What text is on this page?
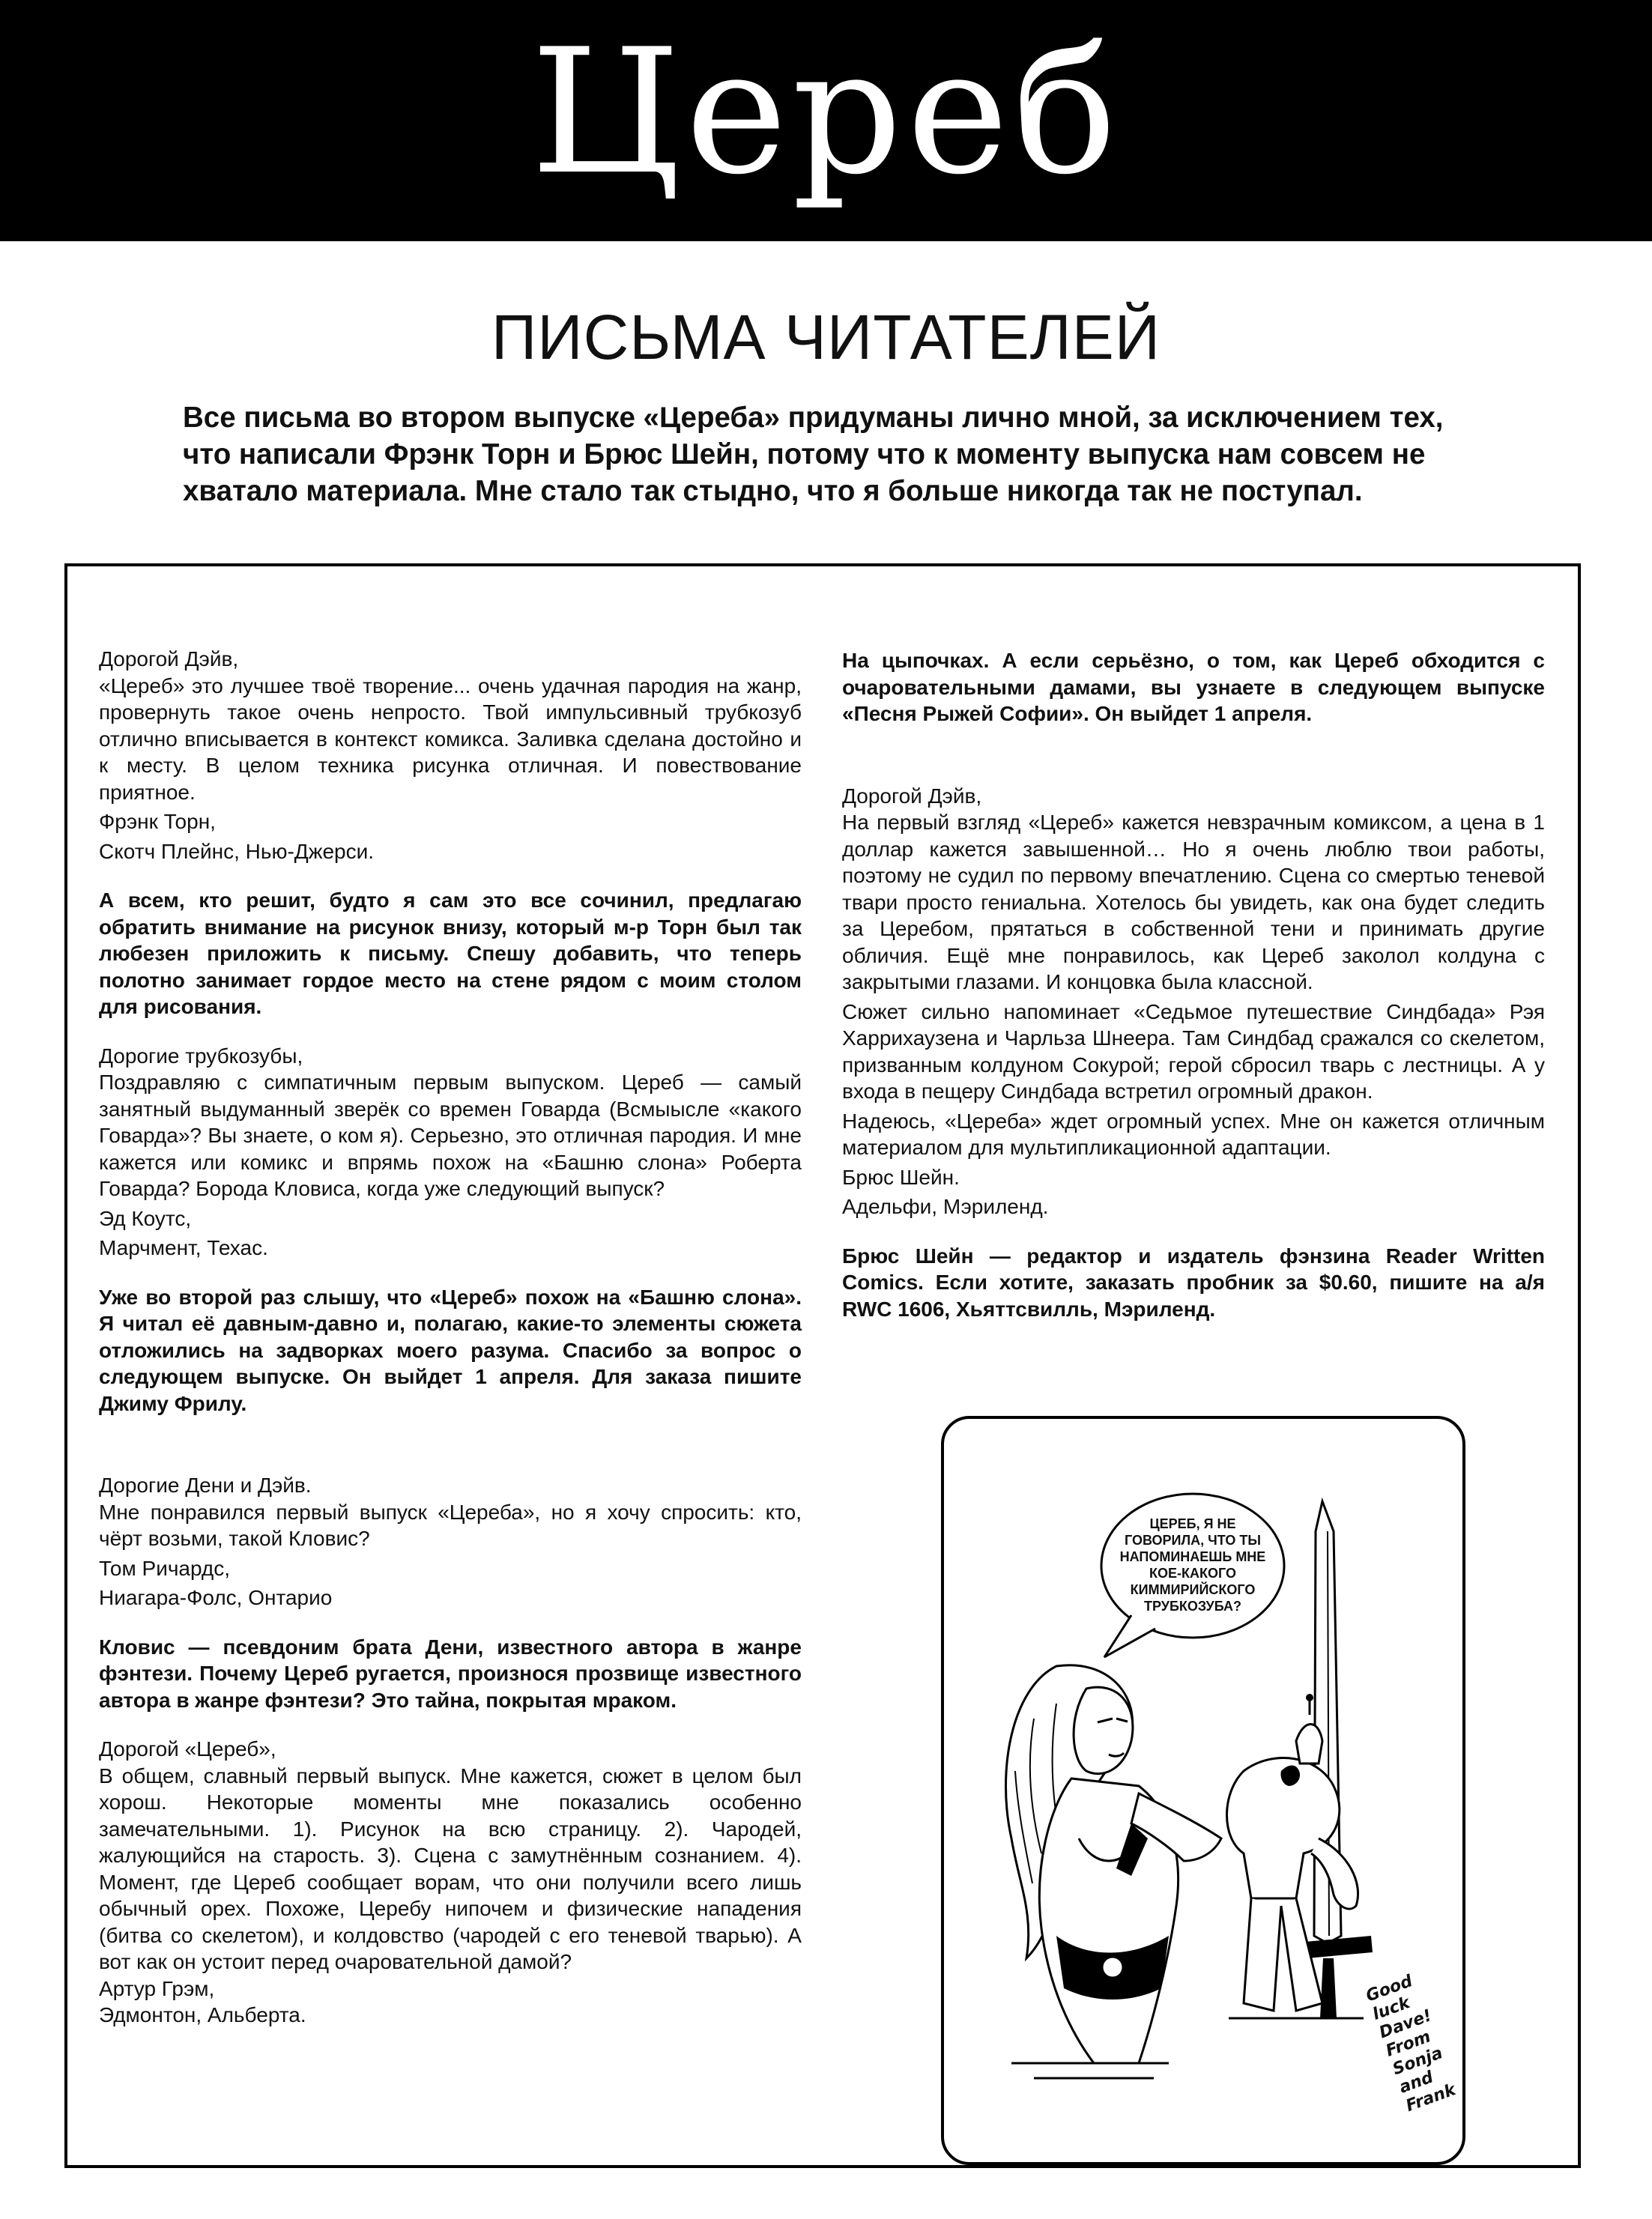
Цереб
ПИСЬМА ЧИТАТЕЛЕЙ
Все письма во втором выпуске «Цереба» придуманы лично мной, за исключением тех, что написали Фрэнк Торн и Брюс Шейн, потому что к моменту выпуска нам совсем не хватало материала. Мне стало так стыдно, что я больше никогда так не поступал.

Дорогой Дэйв,

«Цереб» это лучшее твоё творение... очень удачная пародия на жанр, провернуть такое очень непросто. Твой импульсивный трубкозуб отлично вписывается в контекст комикса. Заливка сделана достойно и к месту. В целом техника рисунка отличная. И повествование приятное.

Фрэнк Торн,

Скотч Плейнс, Нью-Джерси.

А всем, кто решит, будто я сам это все сочинил, предлагаю обратить внимание на рисунок внизу, который м-р Торн был так любезен приложить к письму. Спешу добавить, что теперь полотно занимает гордое место на стене рядом с моим столом для рисования.

Дорогие трубкозубы,

Поздравляю с симпатичным первым выпуском. Цереб — самый занятный выдуманный зверёк со времен Говарда (Всмыысле «какого Говарда»? Вы знаете, о ком я). Серьезно, это отличная пародия. И мне кажется или комикс и впрямь похож на «Башню слона» Роберта Говарда? Борода Кловиса, когда уже следующий выпуск?

Эд Коутс,

Марчмент, Техас.

Уже во второй раз слышу, что «Цереб» похож на «Башню слона». Я читал её давным-давно и, полагаю, какие-то элементы сюжета отложились на задворках моего разума. Спасибо за вопрос о следующем выпуске. Он выйдет 1 апреля. Для заказа пишите Джиму Фрилу.

Дорогие Дени и Дэйв.

Мне понравился первый выпуск «Цереба», но я хочу спросить: кто, чёрт возьми, такой Кловис?

Том Ричардс,

Ниагара-Фолс, Онтарио

Кловис — псевдоним брата Дени, известного автора в жанре фэнтези. Почему Цереб ругается, произнося прозвище известного автора в жанре фэнтези? Это тайна, покрытая мраком.

Дорогой «Цереб»,

В общем, славный первый выпуск. Мне кажется, сюжет в целом был хорош. Некоторые моменты мне показались особенно замечательными. 1). Рисунок на всю страницу. 2). Чародей, жалующийся на старость. 3). Сцена с замутнённым сознанием. 4). Момент, где Цереб сообщает ворам, что они получили всего лишь обычный орех. Похоже, Церебу нипочем и физические нападения (битва со скелетом), и колдовство (чародей с его теневой тварью). А вот как он устоит перед очаровательной дамой?

Артур Грэм,

Эдмонтон, Альберта.

На цыпочках. А если серьёзно, о том, как Цереб обходится с очаровательными дамами, вы узнаете в следующем выпуске «Песня Рыжей Софии». Он выйдет 1 апреля.

Дорогой Дэйв,

На первый взгляд «Цереб» кажется невзрачным комиксом, а цена в 1 доллар кажется завышенной… Но я очень люблю твои работы, поэтому не судил по первому впечатлению. Сцена со смертью теневой твари просто гениальна. Хотелось бы увидеть, как она будет следить за Церебом, прятаться в собственной тени и принимать другие обличия. Ещё мне понравилось, как Цереб заколол колдуна с закрытыми глазами. И концовка была классной.

Сюжет сильно напоминает «Седьмое путешествие Синдбада» Рэя Харрихаузена и Чарльза Шнеера. Там Синдбад сражался со скелетом, призванным колдуном Сокурой; герой сбросил тварь с лестницы. А у входа в пещеру Синдбада встретил огромный дракон.

Надеюсь, «Цереба» ждет огромный успех. Мне он кажется отличным материалом для мультипликационной адаптации.

Брюс Шейн.

Адельфи, Мэриленд.

Брюс Шейн — редактор и издатель фэнзина Reader Written Comics. Если хотите, заказать пробник за $0.60, пишите на а/я RWC 1606, Хьяттсвилль, Мэриленд.

ЦЕРЕБ, Я НЕ ГОВОРИЛА, ЧТО ТЫ НАПОМИНАЕШЬ МНЕ КОЕ-КАКОГО КИММИРИЙСКОГО ТРУБКОЗУБА?
Good luck Dave! From Sonja and Frank
